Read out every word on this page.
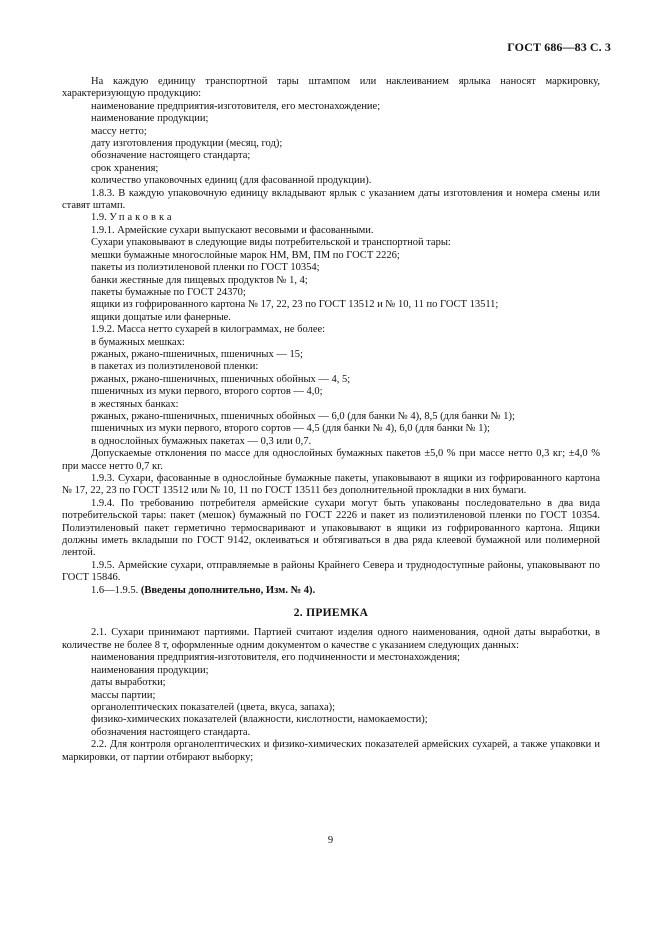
ГОСТ 686—83 С. 3

На каждую единицу транспортной тары штампом или наклеиванием ярлыка наносят маркировку, характеризующую продукцию:

наименование предприятия-изготовителя, его местонахождение;

наименование продукции;

массу нетто;

дату изготовления продукции (месяц, год);

обозначение настоящего стандарта;

срок хранения;

количество упаковочных единиц (для фасованной продукции).

1.8.3. В каждую упаковочную единицу вкладывают ярлык с указанием даты изготовления и номера смены или ставят штамп.

1.9. Упаковка

1.9.1. Армейские сухари выпускают весовыми и фасованными.

Сухари упаковывают в следующие виды потребительской и транспортной тары:

мешки бумажные многослойные марок НМ, ВМ, ПМ по ГОСТ 2226;

пакеты из полиэтиленовой пленки по ГОСТ 10354;

банки жестяные для пищевых продуктов № 1, 4;

пакеты бумажные по ГОСТ 24370;

ящики из гофрированного картона № 17, 22, 23 по ГОСТ 13512 и № 10, 11 по ГОСТ 13511;

ящики дощатые или фанерные.

1.9.2. Масса нетто сухарей в килограммах, не более:

в бумажных мешках:

ржаных, ржано-пшеничных, пшеничных — 15;

в пакетах из полиэтиленовой пленки:

ржаных, ржано-пшеничных, пшеничных обойных — 4, 5;

пшеничных из муки первого, второго сортов — 4,0;

в жестяных банках:

ржаных, ржано-пшеничных, пшеничных обойных — 6,0 (для банки № 4), 8,5 (для банки № 1);

пшеничных из муки первого, второго сортов — 4,5 (для банки № 4), 6,0 (для банки № 1);

в однослойных бумажных пакетах — 0,3 или 0,7.

Допускаемые отклонения по массе для однослойных бумажных пакетов ±5,0 % при массе нетто 0,3 кг; ±4,0 % при массе нетто 0,7 кг.

1.9.3. Сухари, фасованные в однослойные бумажные пакеты, упаковывают в ящики из гофрированного картона № 17, 22, 23 по ГОСТ 13512 или № 10, 11 по ГОСТ 13511 без дополнительной прокладки в них бумаги.

1.9.4. По требованию потребителя армейские сухари могут быть упакованы последовательно в два вида потребительской тары: пакет (мешок) бумажный по ГОСТ 2226 и пакет из полиэтиленовой пленки по ГОСТ 10354. Полиэтиленовый пакет герметично термосваривают и упаковывают в ящики из гофрированного картона. Ящики должны иметь вкладыши по ГОСТ 9142, оклеиваться и обтягиваться в два ряда клеевой бумажной или полимерной лентой.

1.9.5. Армейские сухари, отправляемые в районы Крайнего Севера и труднодоступные районы, упаковывают по ГОСТ 15846.

1.6—1.9.5. (Введены дополнительно, Изм. № 4).

2. ПРИЕМКА

2.1. Сухари принимают партиями. Партией считают изделия одного наименования, одной даты выработки, в количестве не более 8 т, оформленные одним документом о качестве с указанием следующих данных:

наименования предприятия-изготовителя, его подчиненности и местонахождения;

наименования продукции;

даты выработки;

массы партии;

органолептических показателей (цвета, вкуса, запаха);

физико-химических показателей (влажности, кислотности, намокаемости);

обозначения настоящего стандарта.

2.2. Для контроля органолептических и физико-химических показателей армейских сухарей, а также упаковки и маркировки, от партии отбирают выборку;

9
